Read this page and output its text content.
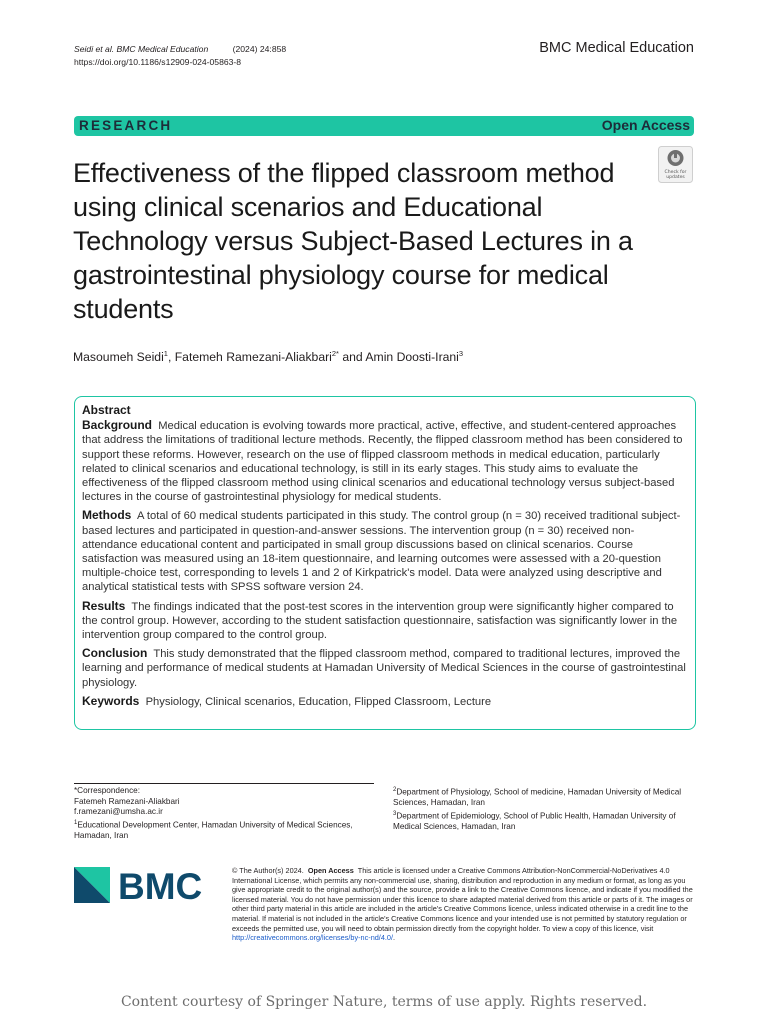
Seidi et al. BMC Medical Education	(2024) 24:858
https://doi.org/10.1186/s12909-024-05863-8
BMC Medical Education
RESEARCH	Open Access
Check for
updates
Effectiveness of the flipped classroom method
using clinical scenarios and Educational
Technology versus Subject-Based Lectures in a
gastrointestinal physiology course for medical
students
Masoumeh Seidi$^1$, Fatemeh Ramezani-Aliakbari$^{2*}$ and Amin Doosti-Irani$^3$

Abstract

Background Medical education is evolving towards more practical, active, effective, and student-centered approaches that address the limitations of traditional lecture methods. Recently, the flipped classroom method has been considered to support these reforms. However, research on the use of flipped classroom methods in medical education, particularly related to clinical scenarios and educational technology, is still in its early stages. This study aims to evaluate the effectiveness of the flipped classroom method using clinical scenarios and educational technology versus subject-based lectures in the course of gastrointestinal physiology for medical students.

Methods A total of 60 medical students participated in this study. The control group (n = 30) received traditional subject-based lectures and participated in question-and-answer sessions. The intervention group (n = 30) received non-attendance educational content and participated in small group discussions based on clinical scenarios. Course satisfaction was measured using an 18-item questionnaire, and learning outcomes were assessed with a 20-question multiple-choice test, corresponding to levels 1 and 2 of Kirkpatrick's model. Data were analyzed using descriptive and analytical statistical tests with SPSS software version 24.

Results The findings indicated that the post-test scores in the intervention group were significantly higher compared to the control group. However, according to the student satisfaction questionnaire, satisfaction was significantly lower in the intervention group compared to the control group.

Conclusion This study demonstrated that the flipped classroom method, compared to traditional lectures, improved the learning and performance of medical students at Hamadan University of Medical Sciences in the course of gastrointestinal physiology.

Keywords Physiology, Clinical scenarios, Education, Flipped Classroom, Lecture

*Correspondence:
Fatemeh Ramezani-Aliakbari
f.ramezani@umsha.ac.ir
$^1$Educational Development Center, Hamadan University of Medical Sciences, Hamadan, Iran
$^2$Department of Physiology, School of medicine, Hamadan University of Medical Sciences, Hamadan, Iran
$^3$Department of Epidemiology, School of Public Health, Hamadan University of Medical Sciences, Hamadan, Iran
BMC	© The Author(s) 2024. Open Access This article is licensed under a Creative Commons Attribution-NonCommercial-NoDerivatives 4.0 International License, which permits any non-commercial use, sharing, distribution and reproduction in any medium or format, as long as you give appropriate credit to the original author(s) and the source, provide a link to the Creative Commons licence, and indicate if you modified the licensed material. You do not have permission under this licence to share adapted material derived from this article or parts of it. The images or other third party material in this article are included in the article's Creative Commons licence, unless indicated otherwise in a credit line to the material. If material is not included in the article's Creative Commons licence and your intended use is not permitted by statutory regulation or exceeds the permitted use, you will need to obtain permission directly from the copyright holder. To view a copy of this licence, visit http://creativecommons.org/licenses/by-nc-nd/4.0/.
Content courtesy of Springer Nature, terms of use apply. Rights reserved.
